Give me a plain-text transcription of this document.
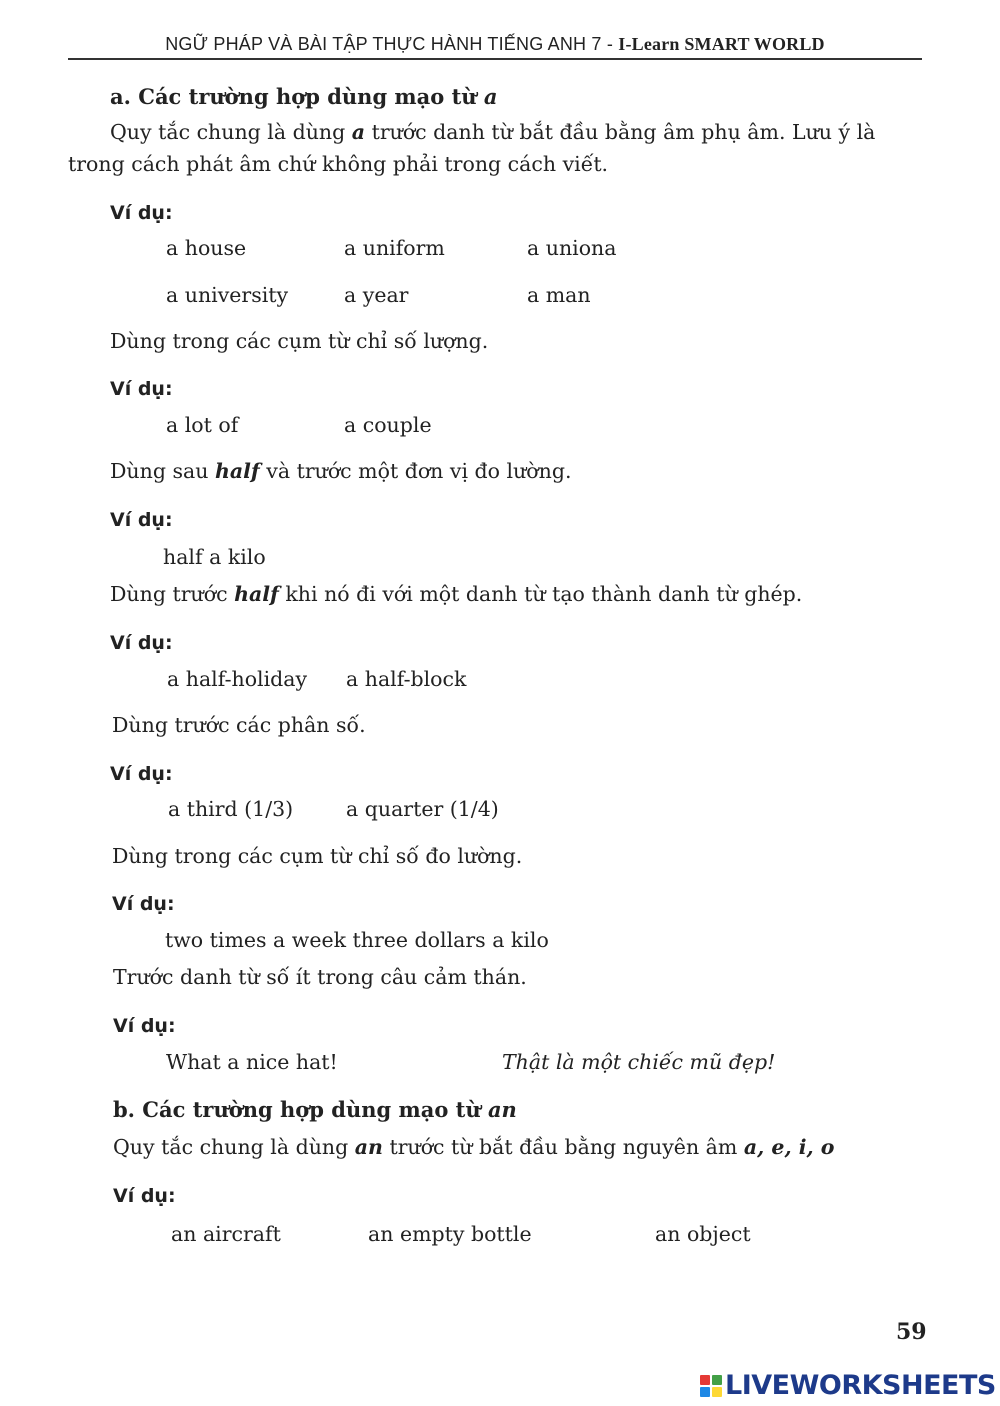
NGỮ PHÁP VÀ BÀI TẬP THỰC HÀNH TIẾNG ANH 7 - I-Learn SMART WORLD
a. Các trường hợp dùng mạo từ a
Quy tắc chung là dùng a trước danh từ bắt đầu bằng âm phụ âm. Lưu ý là
trong cách phát âm chứ không phải trong cách viết.
Ví dụ:
a house	a uniform	a uniona
a university	a year	a man
Dùng trong các cụm từ chỉ số lượng.
Ví dụ:
a lot of	a couple
Dùng sau half và trước một đơn vị đo lường.
Ví dụ:
half a kilo
Dùng trước half khi nó đi với một danh từ tạo thành danh từ ghép.
Ví dụ:
a half-holiday a half-block
Dùng trước các phân số.
Ví dụ:
a third (1/3)	a quarter (1/4)
Dùng trong các cụm từ chỉ số đo lường.
Ví dụ:
two times a week three dollars a kilo
Trước danh từ số ít trong câu cảm thán.
Ví dụ:
What a nice hat!	Thật là một chiếc mũ đẹp!
b. Các trường hợp dùng mạo từ an
Quy tắc chung là dùng an trước từ bắt đầu bằng nguyên âm a, e, i, o
Ví dụ:
an aircraft	an empty bottle	an object
59
LIVEWORKSHEETS
